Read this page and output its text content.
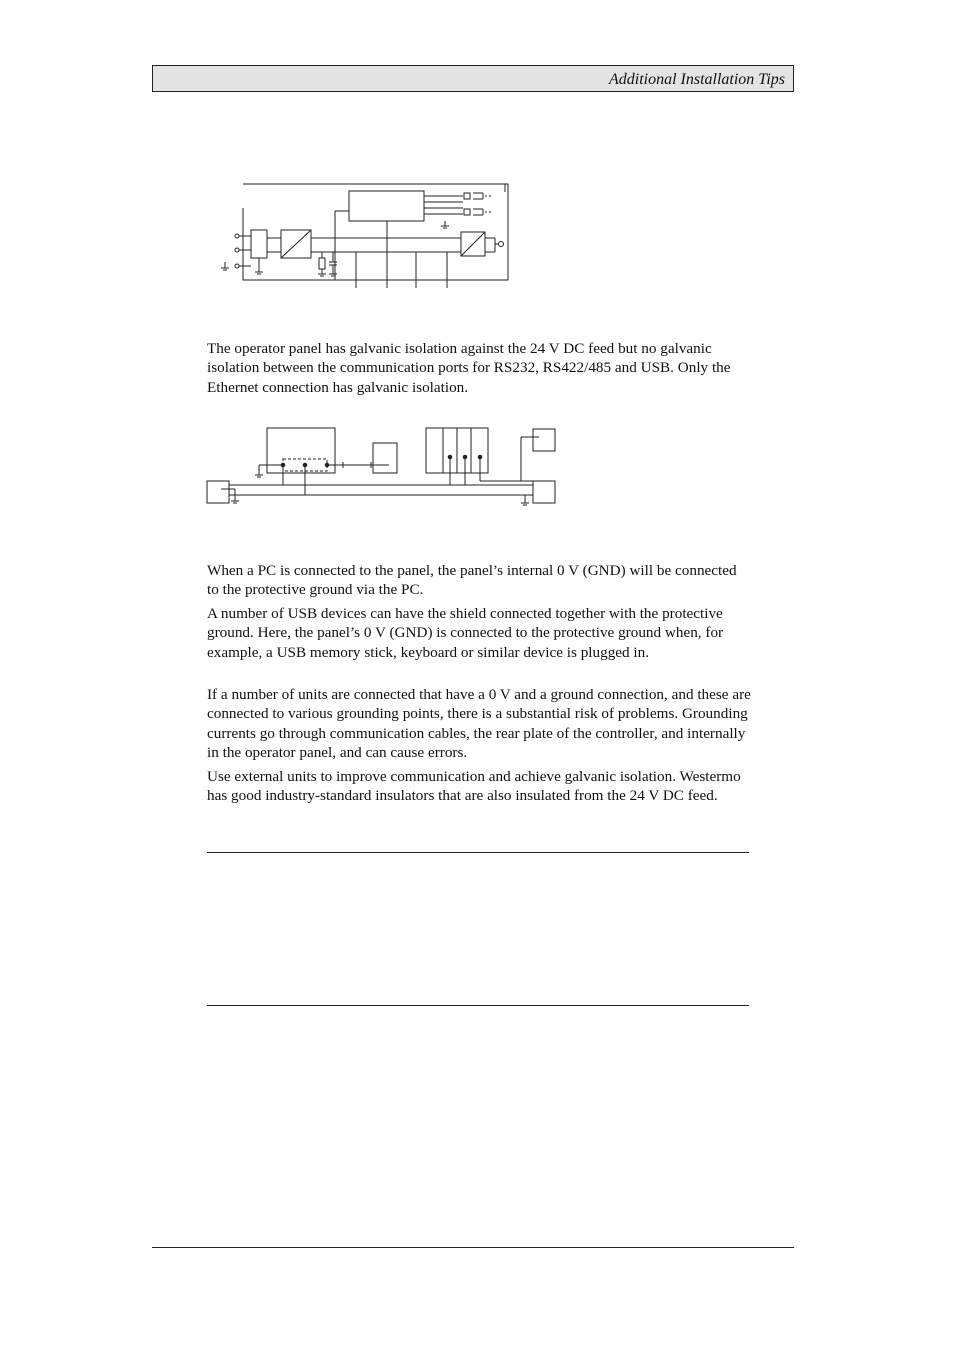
Additional Installation Tips

The operator panel has galvanic isolation against the 24 V DC feed but no galvanic isolation between the communication ports for RS232, RS422/485 and USB. Only the Ethernet connection has galvanic isolation.

When a PC is connected to the panel, the panel’s internal 0 V (GND) will be connected to the protective ground via the PC.

A number of USB devices can have the shield connected together with the protective ground. Here, the panel’s 0 V (GND) is connected to the protective ground when, for example, a USB memory stick, keyboard or similar device is plugged in.

If a number of units are connected that have a 0 V and a ground connection, and these are connected to various grounding points, there is a substantial risk of problems. Grounding currents go through communication cables, the rear plate of the controller, and internally in the operator panel, and can cause errors.

Use external units to improve communication and achieve galvanic isolation. Westermo has good industry-standard insulators that are also insulated from the 24 V DC feed.
